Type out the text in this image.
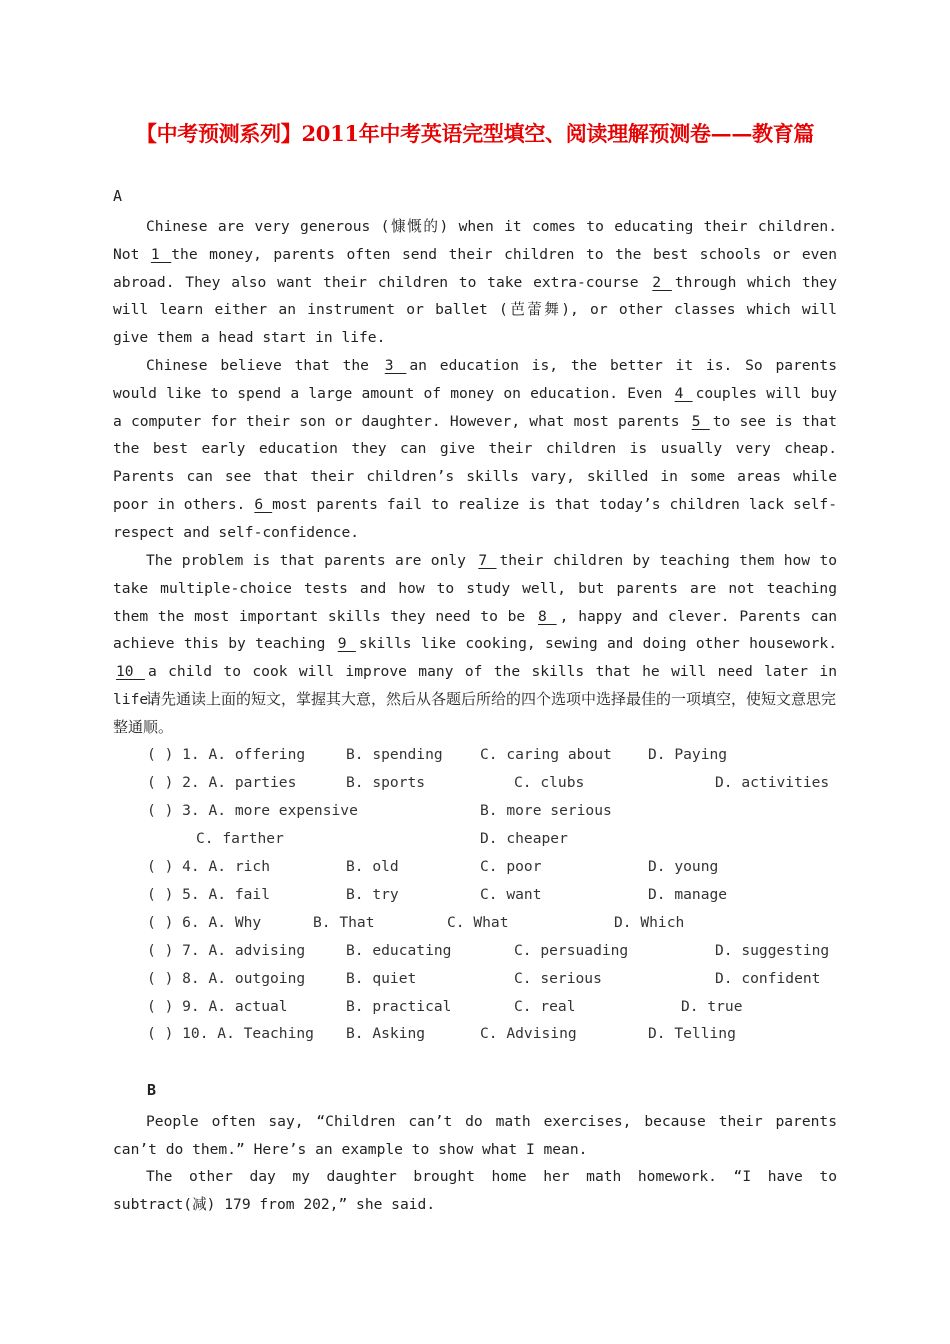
【中考预测系列】2011年中考英语完型填空、阅读理解预测卷——教育篇
A

Chinese are very generous (慷慨的) when it comes to educating their children. Not 1 the money, parents often send their children to the best schools or even abroad. They also want their children to take extra-course 2 through which they will learn either an instrument or ballet (芭蕾舞), or other classes which will give them a head start in life.

Chinese believe that the 3 an education is, the better it is. So parents would like to spend a large amount of money on education. Even 4 couples will buy a computer for their son or daughter. However, what most parents 5 to see is that the best early education they can give their children is usually very cheap. Parents can see that their children’s skills vary, skilled in some areas while poor in others. 6 most parents fail to realize is that today’s children lack self-respect and self-confidence.

The problem is that parents are only 7 their children by teaching them how to take multiple-choice tests and how to study well, but parents are not teaching them the most important skills they need to be 8 , happy and clever. Parents can achieve this by teaching 9 skills like cooking, sewing and doing other housework. 10 a child to cook will improve many of the skills that he will need later in life.

请先通读上面的短文，掌握其大意，然后从各题后所给的四个选项中选择最佳的一项填空，使短文意思完整通顺。

( ) 1. A. offering	B. spending	C. caring about D. Paying
( ) 2. A. parties	B. sports	C. clubs	D. activities
( ) 3. A. more expensive	B. more serious
C. farther	D. cheaper
( ) 4. A. rich	B. old	C. poor	D. young
( ) 5. A. fail	B. try	C. want	D. manage
( ) 6. A. Why	B. That	C. What	D. Which
( ) 7. A. advising	B. educating	C. persuading	D. suggesting
( ) 8. A. outgoing	B. quiet	C. serious	D. confident
( ) 9. A. actual	B. practical	C. real	D. true
( ) 10. A. Teaching B. Asking	C. Advising	D. Telling
B

People often say, “Children can’t do math exercises, because their parents can’t do them.” Here’s an example to show what I mean.

The other day my daughter brought home her math homework. “I have to subtract(减) 179 from 202,” she said.
